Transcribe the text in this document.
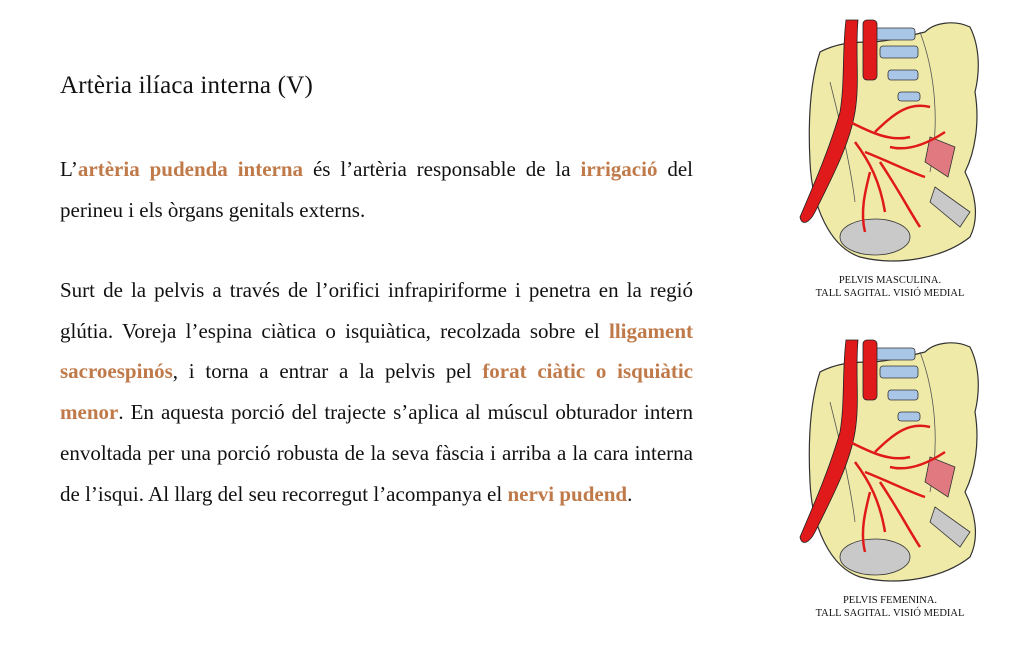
Artèria ilíaca interna (V)

L’artèria pudenda interna és l’artèria responsable de la irrigació del perineu i els òrgans genitals externs.

Surt de la pelvis a través de l’orifici infrapiriforme i penetra en la regió glútia. Voreja l’espina ciàtica o isquiàtica, recolzada sobre el lligament sacroespinós, i torna a entrar a la pelvis pel forat ciàtic o isquiàtic menor. En aquesta porció del trajecte s’aplica al múscul obturador intern envoltada per una porció robusta de la seva fàscia i arriba a la cara interna de l’isqui. Al llarg del seu recorregut l’acompanya el nervi pudend.

PELVIS MASCULINA.
TALL SAGITAL. VISIÓ MEDIAL
PELVIS FEMENINA.
TALL SAGITAL. VISIÓ MEDIAL
